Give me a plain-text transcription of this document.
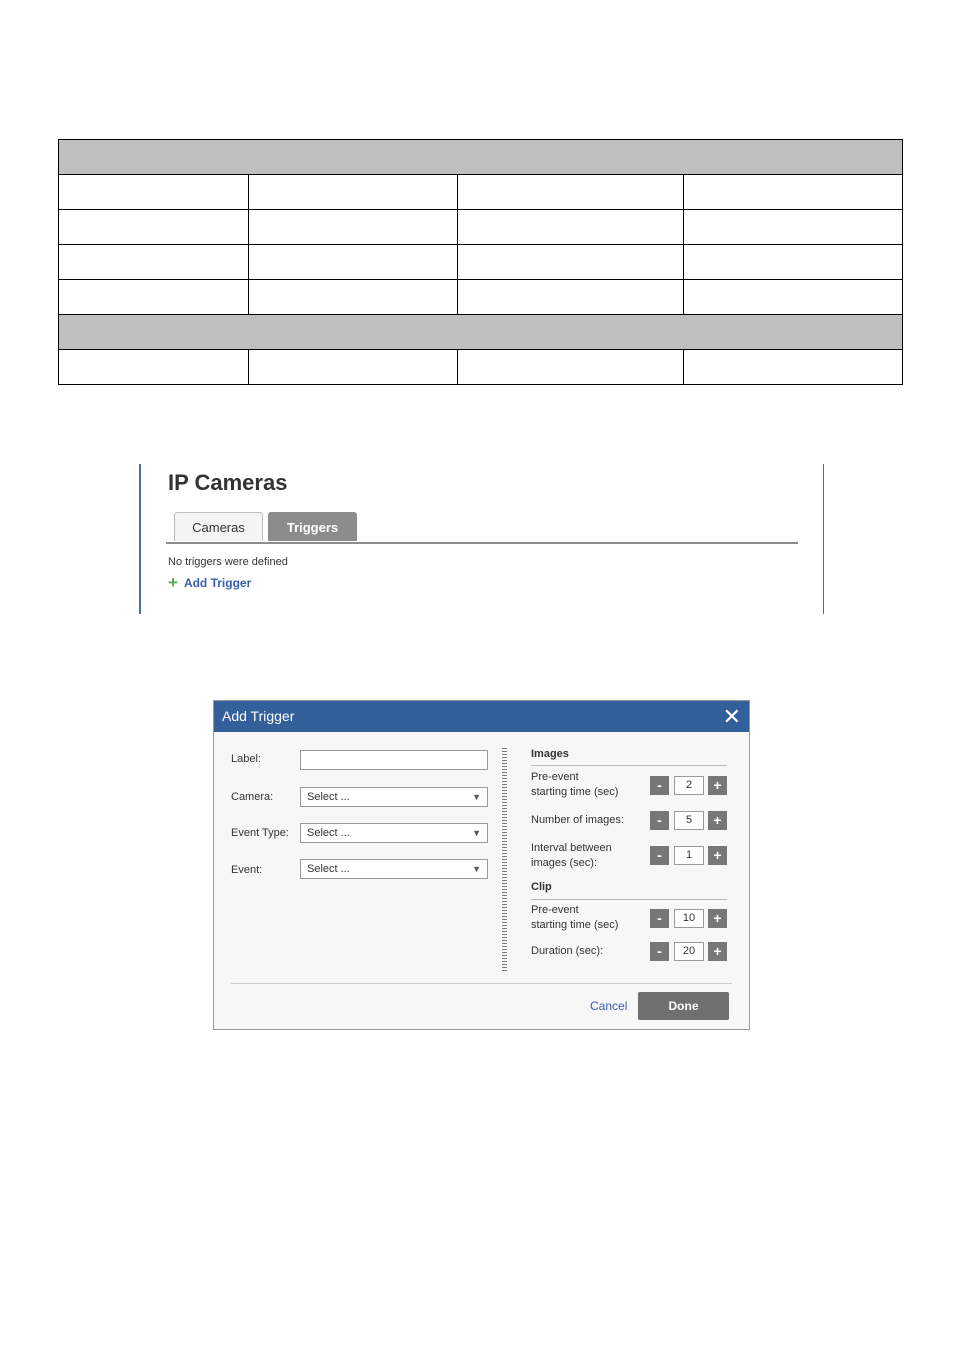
IP Cameras
Cameras	Triggers
No triggers were defined
+ Add Trigger
Add Trigger	✕
Label:
Camera:	Select ...	▼
Event Type:	Select ...	▼
Event:	Select ...	▼
Images
Pre-event
starting time (sec)	-	2	+
Number of images:	-	5	+
Interval between
images (sec):	-	1	+
Clip
Pre-event
starting time (sec)	-	10	+
Duration (sec):	-	20	+
Cancel	Done
